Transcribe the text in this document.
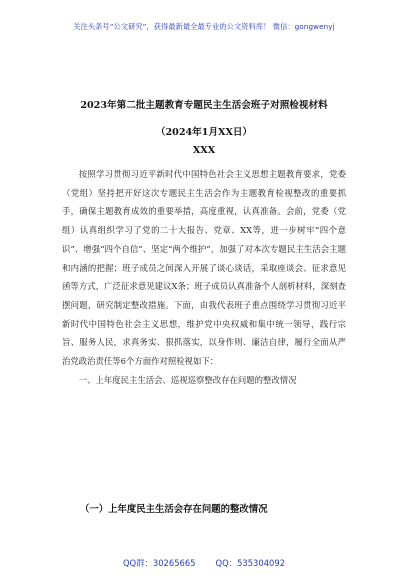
关注头条号“公文研究”，获得最新最全最专业的公文资料库！ 微信：gongwenyj
2023年第二批主题教育专题民主生活会班子对照检视材料
（2024年1月XX日）
XXX

按照学习贯彻习近平新时代中国特色社会主义思想主题教育要求，党委（党组）坚持把开好这次专题民主生活会作为主题教育检视整改的重要抓手，确保主题教育成效的重要举措，高度重视，认真准备。会前，党委（党组）认真组织学习了党的二十大报告、党章、XX等，进一步树牢“四个意识”、增强“四个自信”、坚定“两个维护”，加强了对本次专题民主生活会主题和内涵的把握；班子成员之间深入开展了谈心谈话，采取座谈会、征求意见函等方式，广泛征求意见建议X条；班子成员认真准备个人剖析材料，深刻查摆问题，研究制定整改措施。下面，由我代表班子重点围绕学习贯彻习近平新时代中国特色社会主义思想，维护党中央权威和集中统一领导，践行宗旨、服务人民，求真务实、狠抓落实，以身作则、廉洁自律，履行全面从严治党政治责任等6个方面作对照检视如下：

一、上年度民主生活会、巡视巡察整改存在问题的整改情况

（一）上年度民主生活会存在问题的整改情况
QQ群：30265665 QQ：535304092
